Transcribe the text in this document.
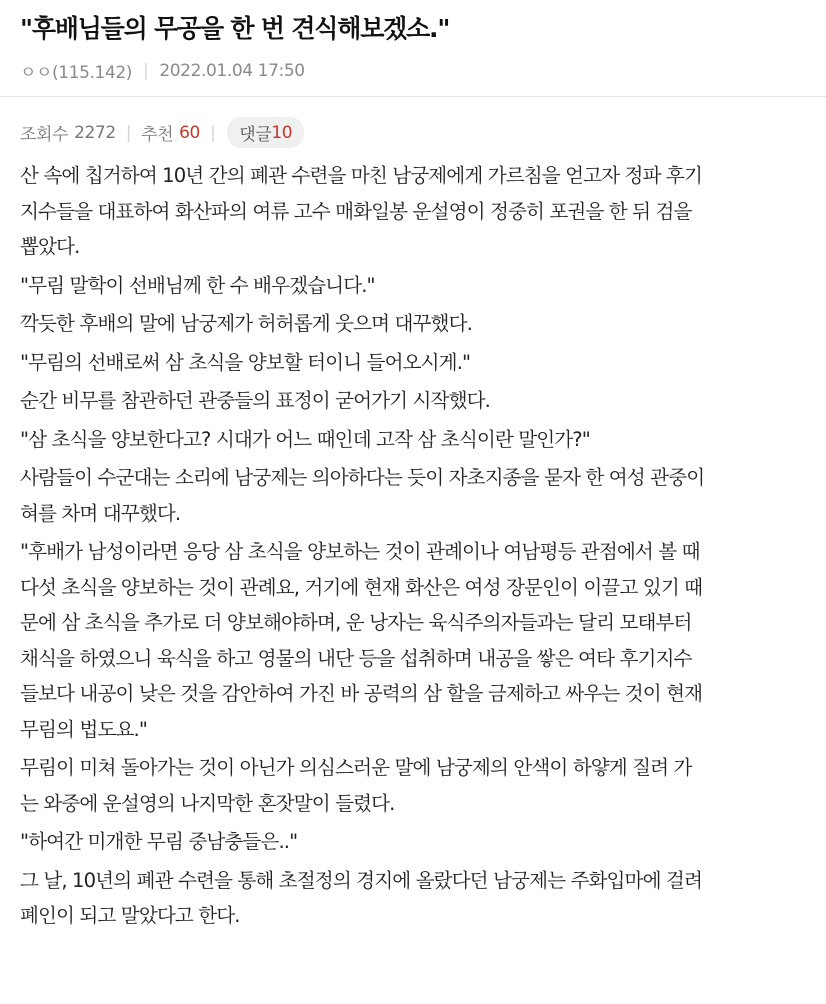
"후배님들의 무공을 한 번 견식해보겠소."
ㅇㅇ(115.142) | 2022.01.04 17:50
조회수 2272 | 추천 60 | 댓글 10
산 속에 칩거하여 10년 간의 폐관 수련을 마친 남궁제에게 가르침을 얻고자 정파 후기
지수들을 대표하여 화산파의 여류 고수 매화일봉 운설영이 정중히 포권을 한 뒤 검을
뽑았다.
"무림 말학이 선배님께 한 수 배우겠습니다."
깍듯한 후배의 말에 남궁제가 허허롭게 웃으며 대꾸했다.
"무림의 선배로써 삼 초식을 양보할 터이니 들어오시게."
순간 비무를 참관하던 관중들의 표정이 굳어가기 시작했다.
"삼 초식을 양보한다고? 시대가 어느 때인데 고작 삼 초식이란 말인가?"
사람들이 수군대는 소리에 남궁제는 의아하다는 듯이 자초지종을 묻자 한 여성 관중이
혀를 차며 대꾸했다.
"후배가 남성이라면 응당 삼 초식을 양보하는 것이 관례이나 여남평등 관점에서 볼 때
다섯 초식을 양보하는 것이 관례요, 거기에 현재 화산은 여성 장문인이 이끌고 있기 때
문에 삼 초식을 추가로 더 양보해야하며, 운 낭자는 육식주의자들과는 달리 모태부터
채식을 하였으니 육식을 하고 영물의 내단 등을 섭취하며 내공을 쌓은 여타 후기지수
들보다 내공이 낮은 것을 감안하여 가진 바 공력의 삼 할을 금제하고 싸우는 것이 현재
무림의 법도요."
무림이 미쳐 돌아가는 것이 아닌가 의심스러운 말에 남궁제의 안색이 하얗게 질려 가
는 와중에 운설영의 나지막한 혼잣말이 들렸다.
"하여간 미개한 무림 중남충들은.."
그 날, 10년의 폐관 수련을 통해 초절정의 경지에 올랐다던 남궁제는 주화입마에 걸려
폐인이 되고 말았다고 한다.
